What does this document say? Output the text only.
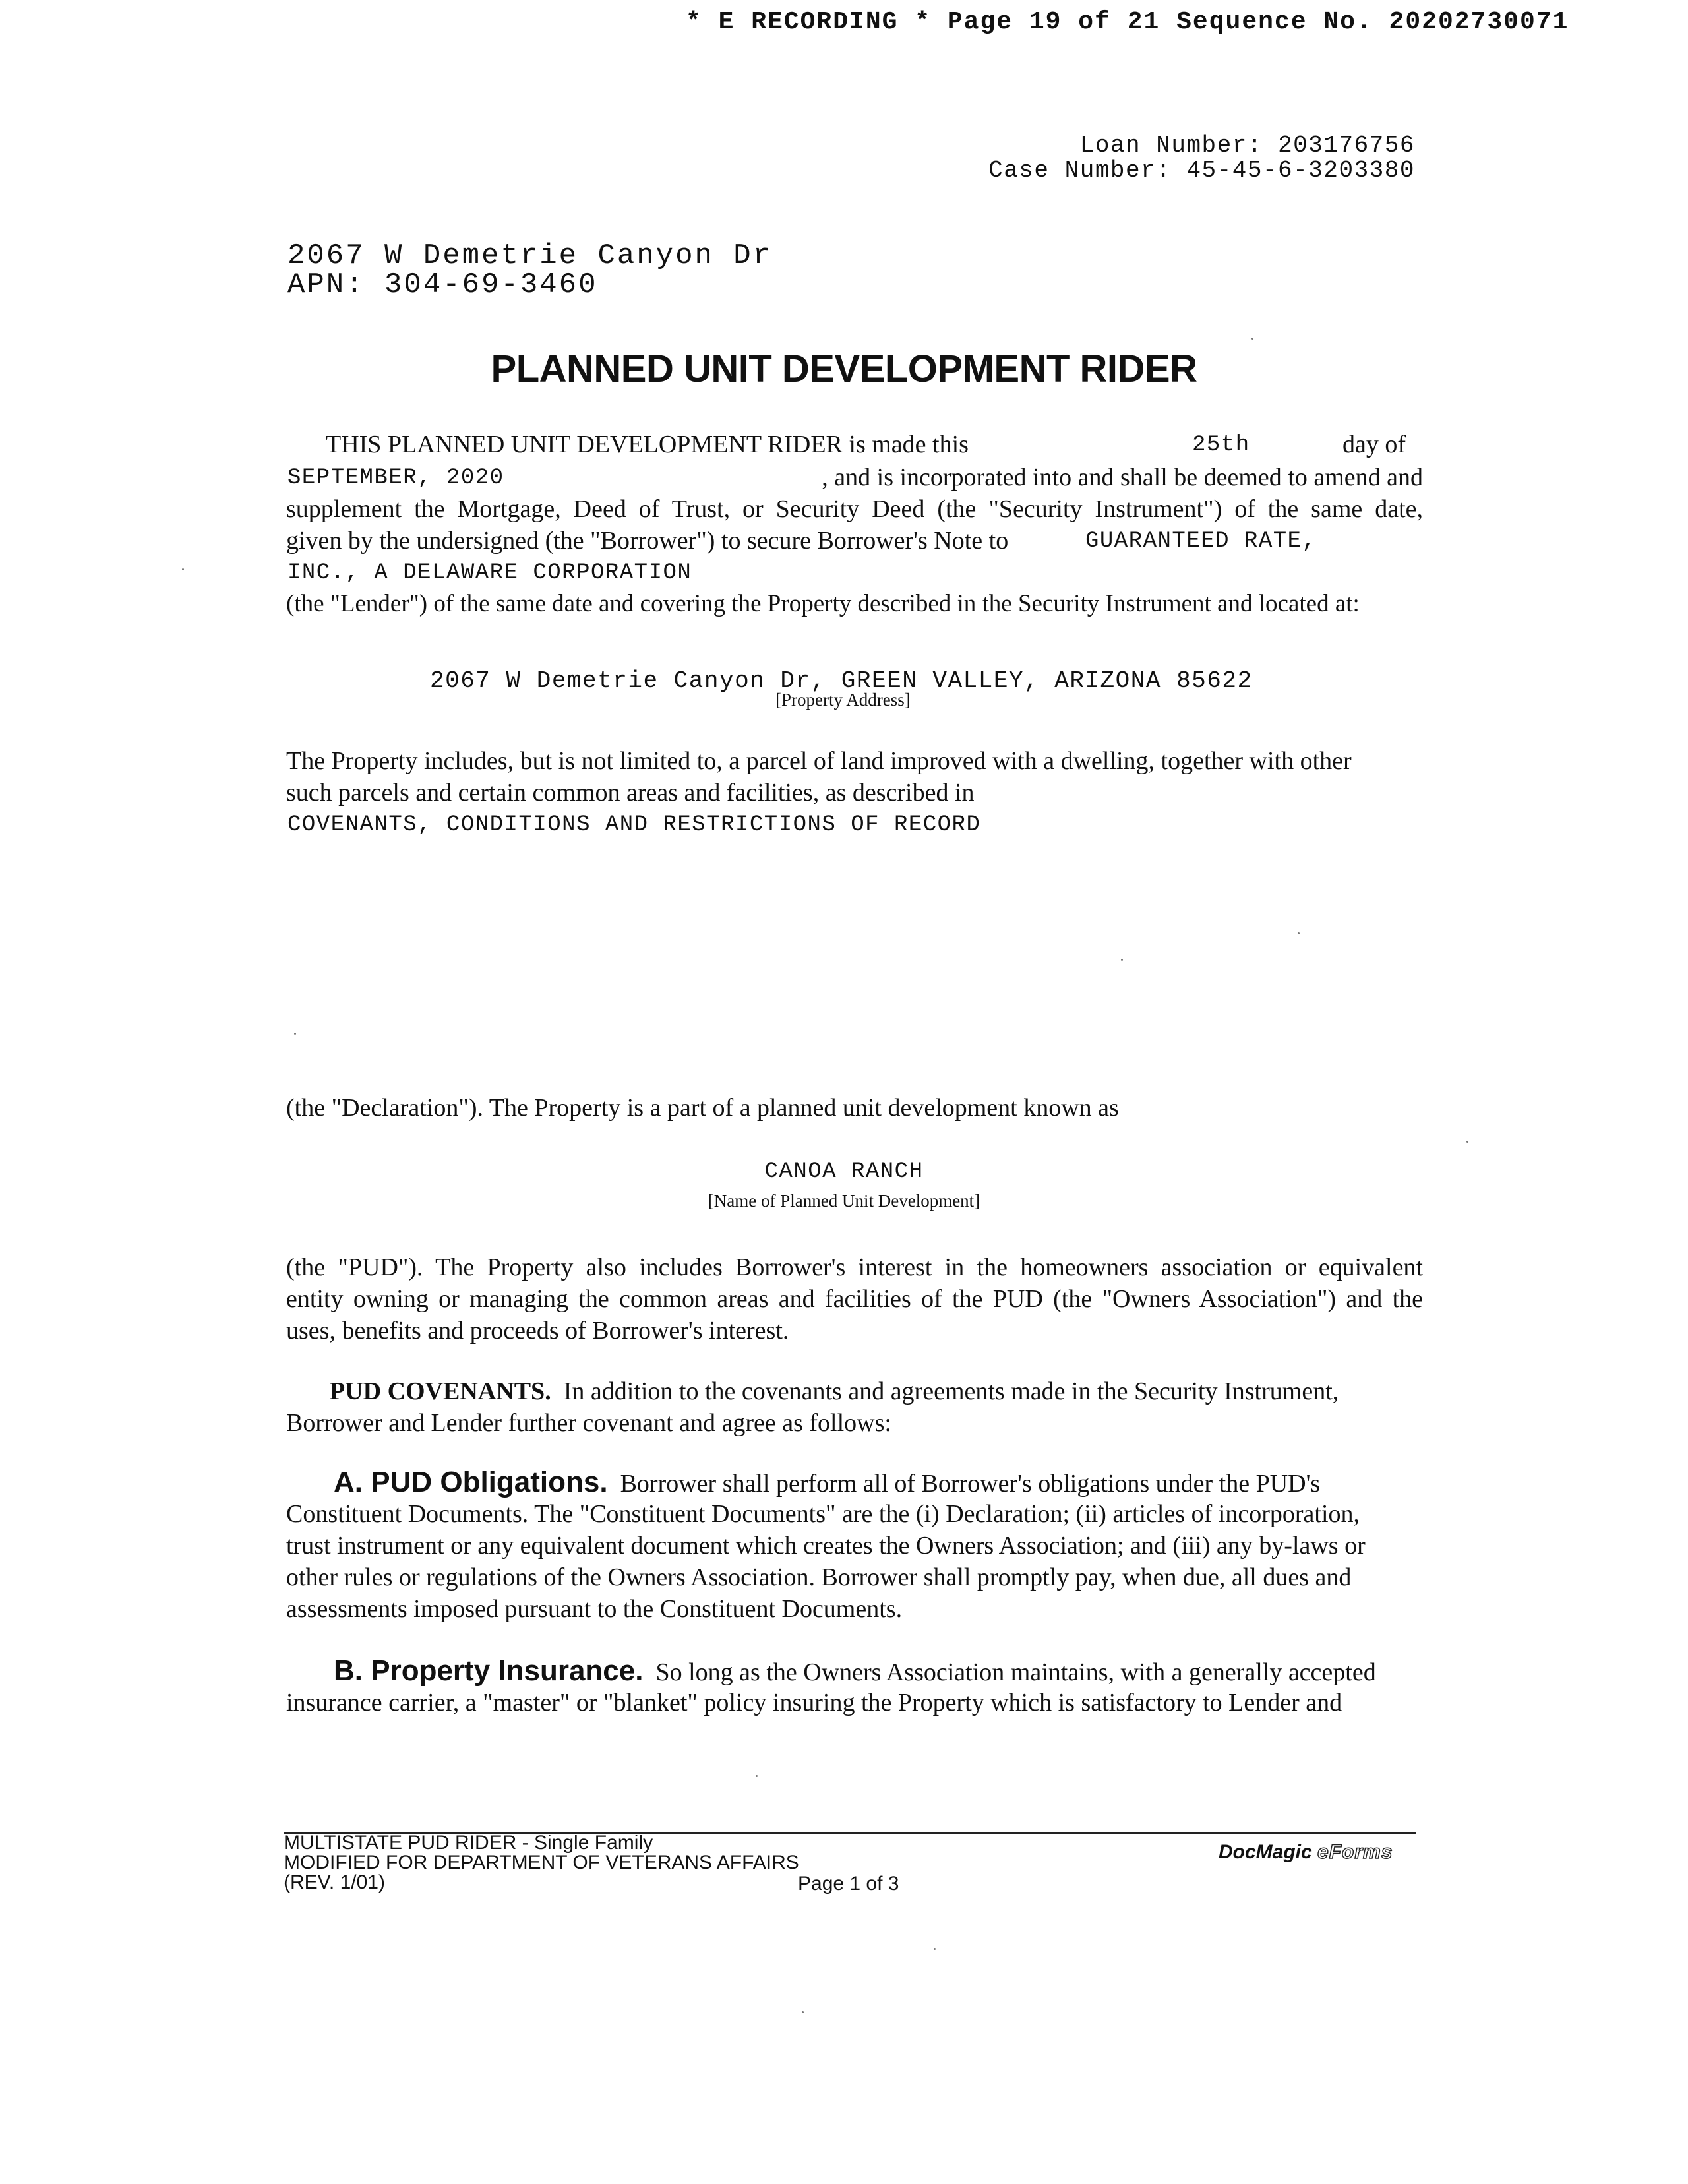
* E RECORDING * Page 19 of 21 Sequence No. 20202730071
Loan Number: 203176756
Case Number: 45-45-6-3203380
2067 W Demetrie Canyon Dr
APN: 304-69-3460
PLANNED UNIT DEVELOPMENT RIDER
THIS PLANNED UNIT DEVELOPMENT RIDER is made this	25th	day of
SEPTEMBER, 2020	, and is incorporated into and shall be deemed to amend and
supplement the Mortgage, Deed of Trust, or Security Deed (the "Security Instrument") of the same date,
given by the undersigned (the "Borrower") to secure Borrower's Note to	GUARANTEED RATE,
INC., A DELAWARE CORPORATION
(the "Lender") of the same date and covering the Property described in the Security Instrument and located at:
2067 W Demetrie Canyon Dr, GREEN VALLEY, ARIZONA 85622
[Property Address]
The Property includes, but is not limited to, a parcel of land improved with a dwelling, together with other
such parcels and certain common areas and facilities, as described in
COVENANTS, CONDITIONS AND RESTRICTIONS OF RECORD
(the "Declaration"). The Property is a part of a planned unit development known as
CANOA RANCH
[Name of Planned Unit Development]
(the "PUD"). The Property also includes Borrower's interest in the homeowners association or equivalent
entity owning or managing the common areas and facilities of the PUD (the "Owners Association") and the
uses, benefits and proceeds of Borrower's interest.
PUD COVENANTS. In addition to the covenants and agreements made in the Security Instrument,
Borrower and Lender further covenant and agree as follows:
A. PUD Obligations. Borrower shall perform all of Borrower's obligations under the PUD's
Constituent Documents. The "Constituent Documents" are the (i) Declaration; (ii) articles of incorporation,
trust instrument or any equivalent document which creates the Owners Association; and (iii) any by-laws or
other rules or regulations of the Owners Association. Borrower shall promptly pay, when due, all dues and
assessments imposed pursuant to the Constituent Documents.
B. Property Insurance. So long as the Owners Association maintains, with a generally accepted
insurance carrier, a "master" or "blanket" policy insuring the Property which is satisfactory to Lender and
MULTISTATE PUD RIDER - Single Family
MODIFIED FOR DEPARTMENT OF VETERANS AFFAIRS
(REV. 1/01)	Page 1 of 3
DocMagic eForms
